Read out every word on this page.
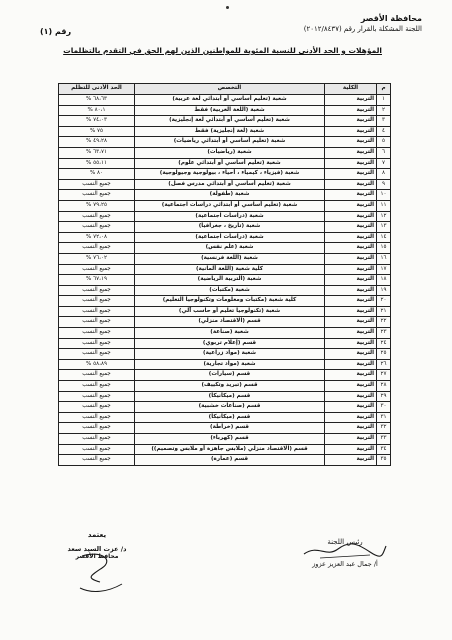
محافظة الأقصر
اللجنة المشكلة بالقرار رقم (٢٠١٢/٨٤٣٧)
رقم (١)
المؤهلات و الحد الأدنى للنسبة المئوية للمواطنين الذين لهم الحق في التقدم بالتظلمات
م	الكلية	التخصص	الحد الأدنى للتظلم
١	التربية	شعبة (تعليم أساسي أو أبتدائي لغة عربية)	٦٨،٦٣ %
٢	التربية	شعبة (اللغة العربية) فقط	٨٠،١ %
٣	التربية	شعبة (تعليم أساسي أو أبتدائي لغة إنجليزية)	٧٤،٠٣ %
٤	التربية	شعبة (لغة إنجليزية) فقط	٧٥ %
٥	التربية	شعبة (تعليم أساسي أو أبتدائي رياضيات)	٤٩،٢٨ %
٦	التربية	شعبة (رياضيات)	٦٣،٧١ %
٧	التربية	شعبة (تعليم أساسي أو أبتدائي علوم)	٥٥،١١ %
٨	التربية	شعبة (فيزياء ، كيمياء ، أحياء ، بيولوجية وجيولوجية)	٨٠ %
٩	التربية	شعبة (تعليم أساسي أو أبتدائي مدرس فصل)	جميع النسب
١٠	التربية	شعبة (طفولة)	جميع النسب
١١	التربية	شعبة (تعليم أساسي أو أبتدائي دراسات اجتماعية)	٧٩،٢٥ %
١٢	التربية	شعبة (دراسات اجتماعية)	جميع النسب
١٣	التربية	شعبة (تاريخ ، جغرافيا)	جميع النسب
١٤	التربية	شعبة (دراسات اجتماعية)	٧٢،٠٨ %
١٥	التربية	شعبة (علم نفس)	جميع النسب
١٦	التربية	شعبة (اللغة فرنسية)	٧٦،٠٢ %
١٧	التربية	كلية شعبة (اللغة ألمانية)	جميع النسب
١٨	التربية	شعبة (التربية الرياضية)	٦٧،١٩ %
١٩	التربية	شعبة (مكتبات)	جميع النسب
٢٠	التربية	كلية شعبة (مكتبات ومعلومات وتكنولوجيا التعليم)	جميع النسب
٢١	التربية	شعبة (تكنولوجيا تعليم أو حاسب آلي)	جميع النسب
٢٢	التربية	قسم (الاقتصاد منزلي)	جميع النسب
٢٣	التربية	شعبة (صناعة)	جميع النسب
٢٤	التربية	قسم (إعلام تربوي)	جميع النسب
٢٥	التربية	شعبة (مواد زراعية)	جميع النسب
٢٦	التربية	شعبة (مواد تجارية)	٥٨،٨٩ %
٢٧	التربية	قسم (سيارات)	جميع النسب
٢٨	التربية	قسم (تبريد وتكييف)	جميع النسب
٢٩	التربية	قسم (ميكانيكا)	جميع النسب
٣٠	التربية	قسم (صناعات خشبية)	جميع النسب
٣١	التربية	قسم (ميكانيكا)	جميع النسب
٣٢	التربية	قسم (خراطة)	جميع النسب
٣٣	التربية	قسم (كهرباء)	جميع النسب
٣٤	التربية	قسم (الاقتصاد منزلي (ملابس جاهزة أو ملابس وتصميم))	جميع النسب
٣٥	التربية	قسم (عمارة)	جميع النسب
يعتمد
د/ عزت السيد سعد
محافظ الأقصر
رئيس اللجنة
أ/ جمال عبد العزيز عزوز
